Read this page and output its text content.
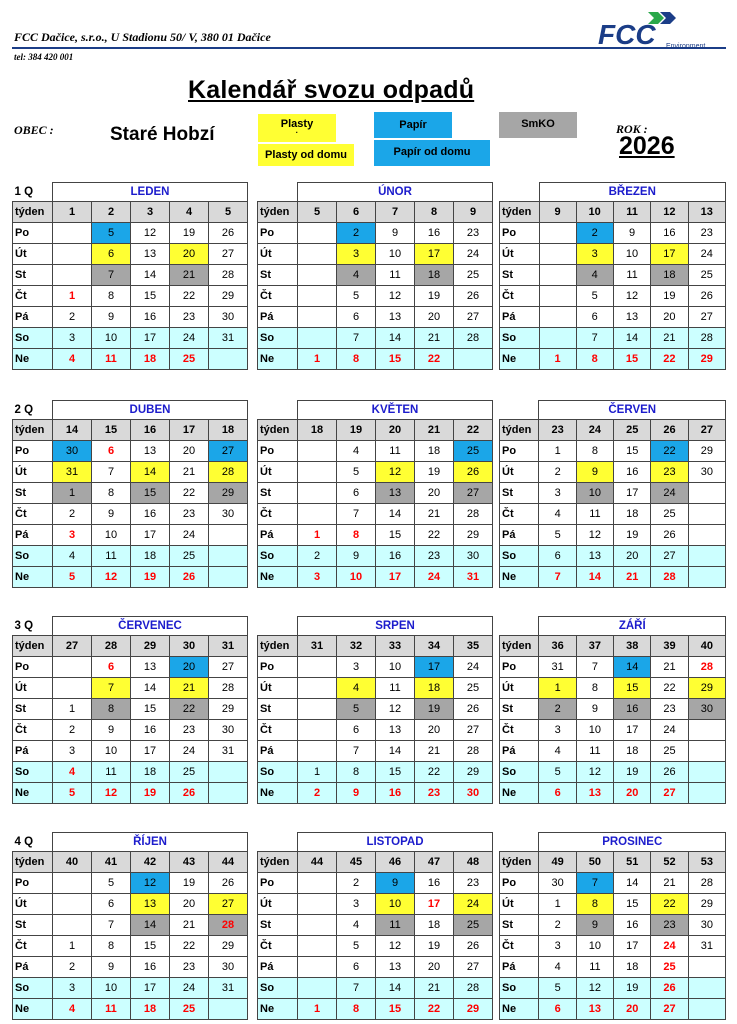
FCC Dačice, s.r.o., U Stadionu 50/ V, 380 01 Dačice
tel: 384 420 001
FCC Environment
Kalendář svozu odpadů
OBEC :	Staré Hobzí	Plasty
·
Plasty od domu
Papír
Papír od domu
SmKO	ROK :
2026
1 Q	LEDEN				
týden	1	2	3	4	5
Po		5	12	19	26
Út		6	13	20	27
St		7	14	21	28
Čt	1	8	15	22	29
Pá	2	9	16	23	30
So	3	10	17	24	31
Ne	4	11	18	25	
	ÚNOR				
týden	5	6	7	8	9
Po		2	9	16	23
Út		3	10	17	24
St		4	11	18	25
Čt		5	12	19	26
Pá		6	13	20	27
So		7	14	21	28
Ne	1	8	15	22	
	BŘEZEN				
týden	9	10	11	12	13
Po		2	9	16	23
Út		3	10	17	24
St		4	11	18	25
Čt		5	12	19	26
Pá		6	13	20	27
So		7	14	21	28
Ne	1	8	15	22	29
2 Q	DUBEN				
týden	14	15	16	17	18
Po	30	6	13	20	27
Út	31	7	14	21	28
St	1	8	15	22	29
Čt	2	9	16	23	30
Pá	3	10	17	24	
So	4	11	18	25	
Ne	5	12	19	26	
	KVĚTEN				
týden	18	19	20	21	22
Po		4	11	18	25
Út		5	12	19	26
St		6	13	20	27
Čt		7	14	21	28
Pá	1	8	15	22	29
So	2	9	16	23	30
Ne	3	10	17	24	31
	ČERVEN				
týden	23	24	25	26	27
Po	1	8	15	22	29
Út	2	9	16	23	30
St	3	10	17	24	
Čt	4	11	18	25	
Pá	5	12	19	26	
So	6	13	20	27	
Ne	7	14	21	28	
3 Q	ČERVENEC				
týden	27	28	29	30	31
Po		6	13	20	27
Út		7	14	21	28
St	1	8	15	22	29
Čt	2	9	16	23	30
Pá	3	10	17	24	31
So	4	11	18	25	
Ne	5	12	19	26	
	SRPEN				
týden	31	32	33	34	35
Po		3	10	17	24
Út		4	11	18	25
St		5	12	19	26
Čt		6	13	20	27
Pá		7	14	21	28
So	1	8	15	22	29
Ne	2	9	16	23	30
	ZÁŘÍ				
týden	36	37	38	39	40
Po	31	7	14	21	28
Út	1	8	15	22	29
St	2	9	16	23	30
Čt	3	10	17	24	
Pá	4	11	18	25	
So	5	12	19	26	
Ne	6	13	20	27	
4 Q	ŘÍJEN				
týden	40	41	42	43	44
Po		5	12	19	26
Út		6	13	20	27
St		7	14	21	28
Čt	1	8	15	22	29
Pá	2	9	16	23	30
So	3	10	17	24	31
Ne	4	11	18	25	
	LISTOPAD				
týden	44	45	46	47	48
Po		2	9	16	23
Út		3	10	17	24
St		4	11	18	25
Čt		5	12	19	26
Pá		6	13	20	27
So		7	14	21	28
Ne	1	8	15	22	29
	PROSINEC				
týden	49	50	51	52	53
Po	30	7	14	21	28
Út	1	8	15	22	29
St	2	9	16	23	30
Čt	3	10	17	24	31
Pá	4	11	18	25	
So	5	12	19	26	
Ne	6	13	20	27	
